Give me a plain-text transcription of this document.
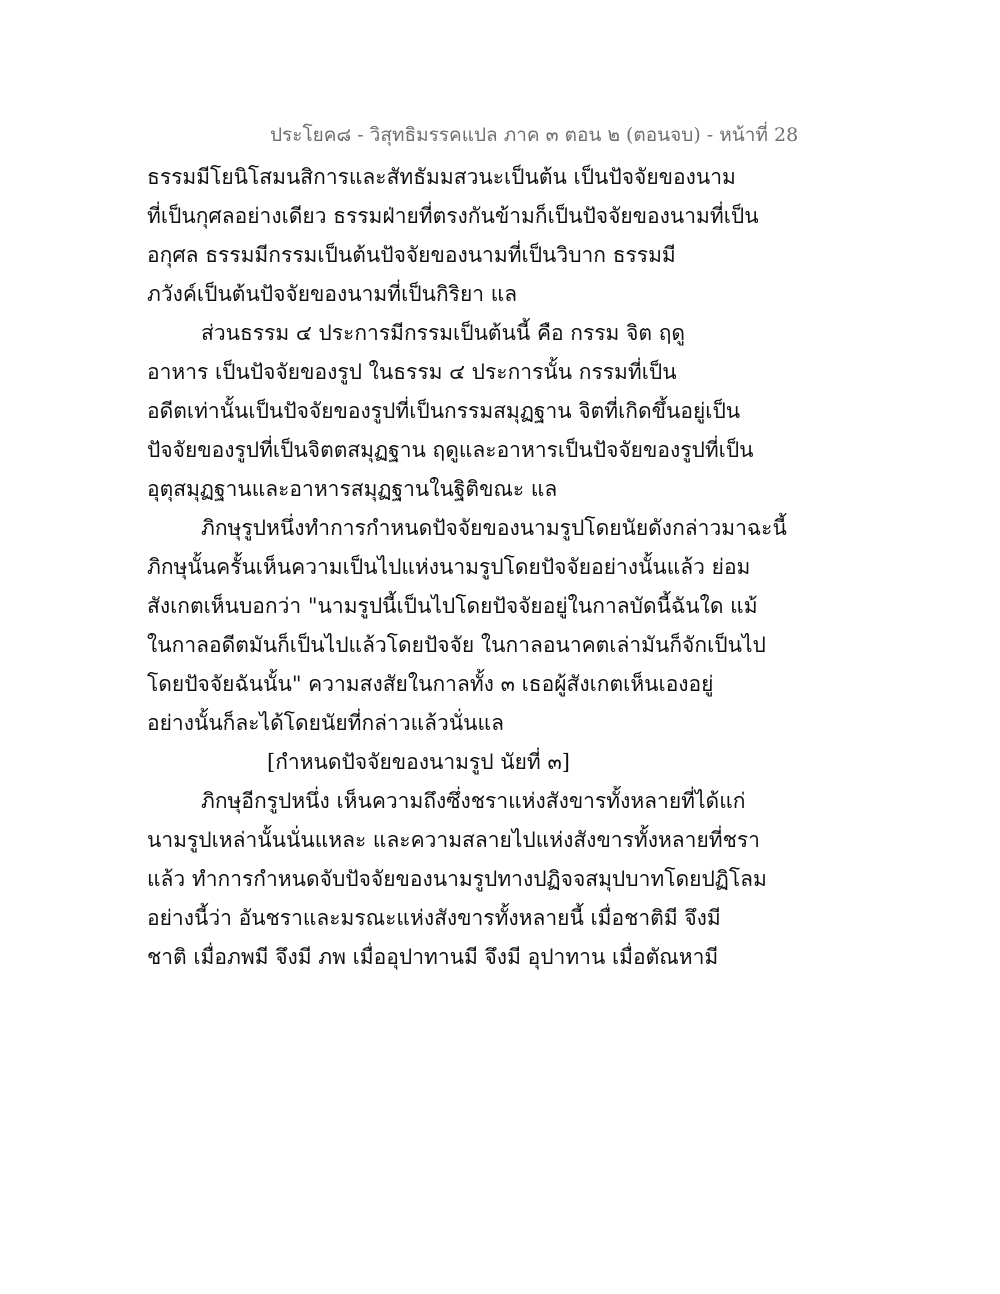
ประโยค๘ - วิสุทธิมรรคแปล ภาค ๓ ตอน ๒ (ตอนจบ) - หน้าที่ 28
ธรรมมีโยนิโสมนสิการและสัทธัมมสวนะเป็นต้น เป็นปัจจัยของนาม
ที่เป็นกุศลอย่างเดียว ธรรมฝ่ายที่ตรงกันข้ามก็เป็นปัจจัยของนามที่เป็น
อกุศล ธรรมมีกรรมเป็นต้นปัจจัยของนามที่เป็นวิบาก ธรรมมี
ภวังค์เป็นต้นปัจจัยของนามที่เป็นกิริยา แล
ส่วนธรรม ๔ ประการมีกรรมเป็นต้นนี้ คือ กรรม จิต ฤดู
อาหาร เป็นปัจจัยของรูป ในธรรม ๔ ประการนั้น กรรมที่เป็น
อดีตเท่านั้นเป็นปัจจัยของรูปที่เป็นกรรมสมุฏฐาน จิตที่เกิดขึ้นอยู่เป็น
ปัจจัยของรูปที่เป็นจิตตสมุฏฐาน ฤดูและอาหารเป็นปัจจัยของรูปที่เป็น
อุตุสมุฏฐานและอาหารสมุฏฐานในฐิติขณะ แล
ภิกษุรูปหนึ่งทำการกำหนดปัจจัยของนามรูปโดยนัยดังกล่าวมาฉะนี้
ภิกษุนั้นครั้นเห็นความเป็นไปแห่งนามรูปโดยปัจจัยอย่างนั้นแล้ว ย่อม
สังเกตเห็นบอกว่า "นามรูปนี้เป็นไปโดยปัจจัยอยู่ในกาลบัดนี้ฉันใด แม้
ในกาลอดีตมันก็เป็นไปแล้วโดยปัจจัย ในกาลอนาคตเล่ามันก็จักเป็นไป
โดยปัจจัยฉันนั้น" ความสงสัยในกาลทั้ง ๓ เธอผู้สังเกตเห็นเองอยู่
อย่างนั้นก็ละได้โดยนัยที่กล่าวแล้วนั่นแล
[กำหนดปัจจัยของนามรูป นัยที่ ๓]
ภิกษุอีกรูปหนึ่ง เห็นความถึงซึ่งชราแห่งสังขารทั้งหลายที่ได้แก่
นามรูปเหล่านั้นนั่นแหละ และความสลายไปแห่งสังขารทั้งหลายที่ชรา
แล้ว ทำการกำหนดจับปัจจัยของนามรูปทางปฏิจจสมุปบาทโดยปฏิโลม
อย่างนี้ว่า อันชราและมรณะแห่งสังขารทั้งหลายนี้ เมื่อชาติมี จึงมี
ชาติ เมื่อภพมี จึงมี ภพ เมื่ออุปาทานมี จึงมี อุปาทาน เมื่อตัณหามี
